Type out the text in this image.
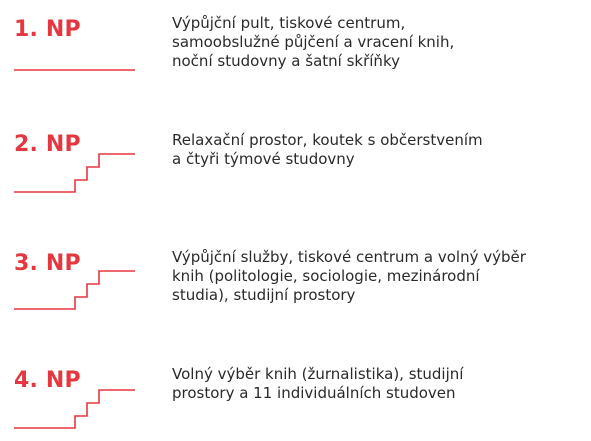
1. NP	Výpůjční pult, tiskové centrum,
samoobslužné půjčení a vracení knih,
noční studovny a šatní skříňky
2. NP	Relaxační prostor, koutek s občerstvením
a čtyři týmové studovny
3. NP	Výpůjční služby, tiskové centrum a volný výběr
knih (politologie, sociologie, mezinárodní
studia), studijní prostory
4. NP	Volný výběr knih (žurnalistika), studijní
prostory a 11 individuálních studoven
